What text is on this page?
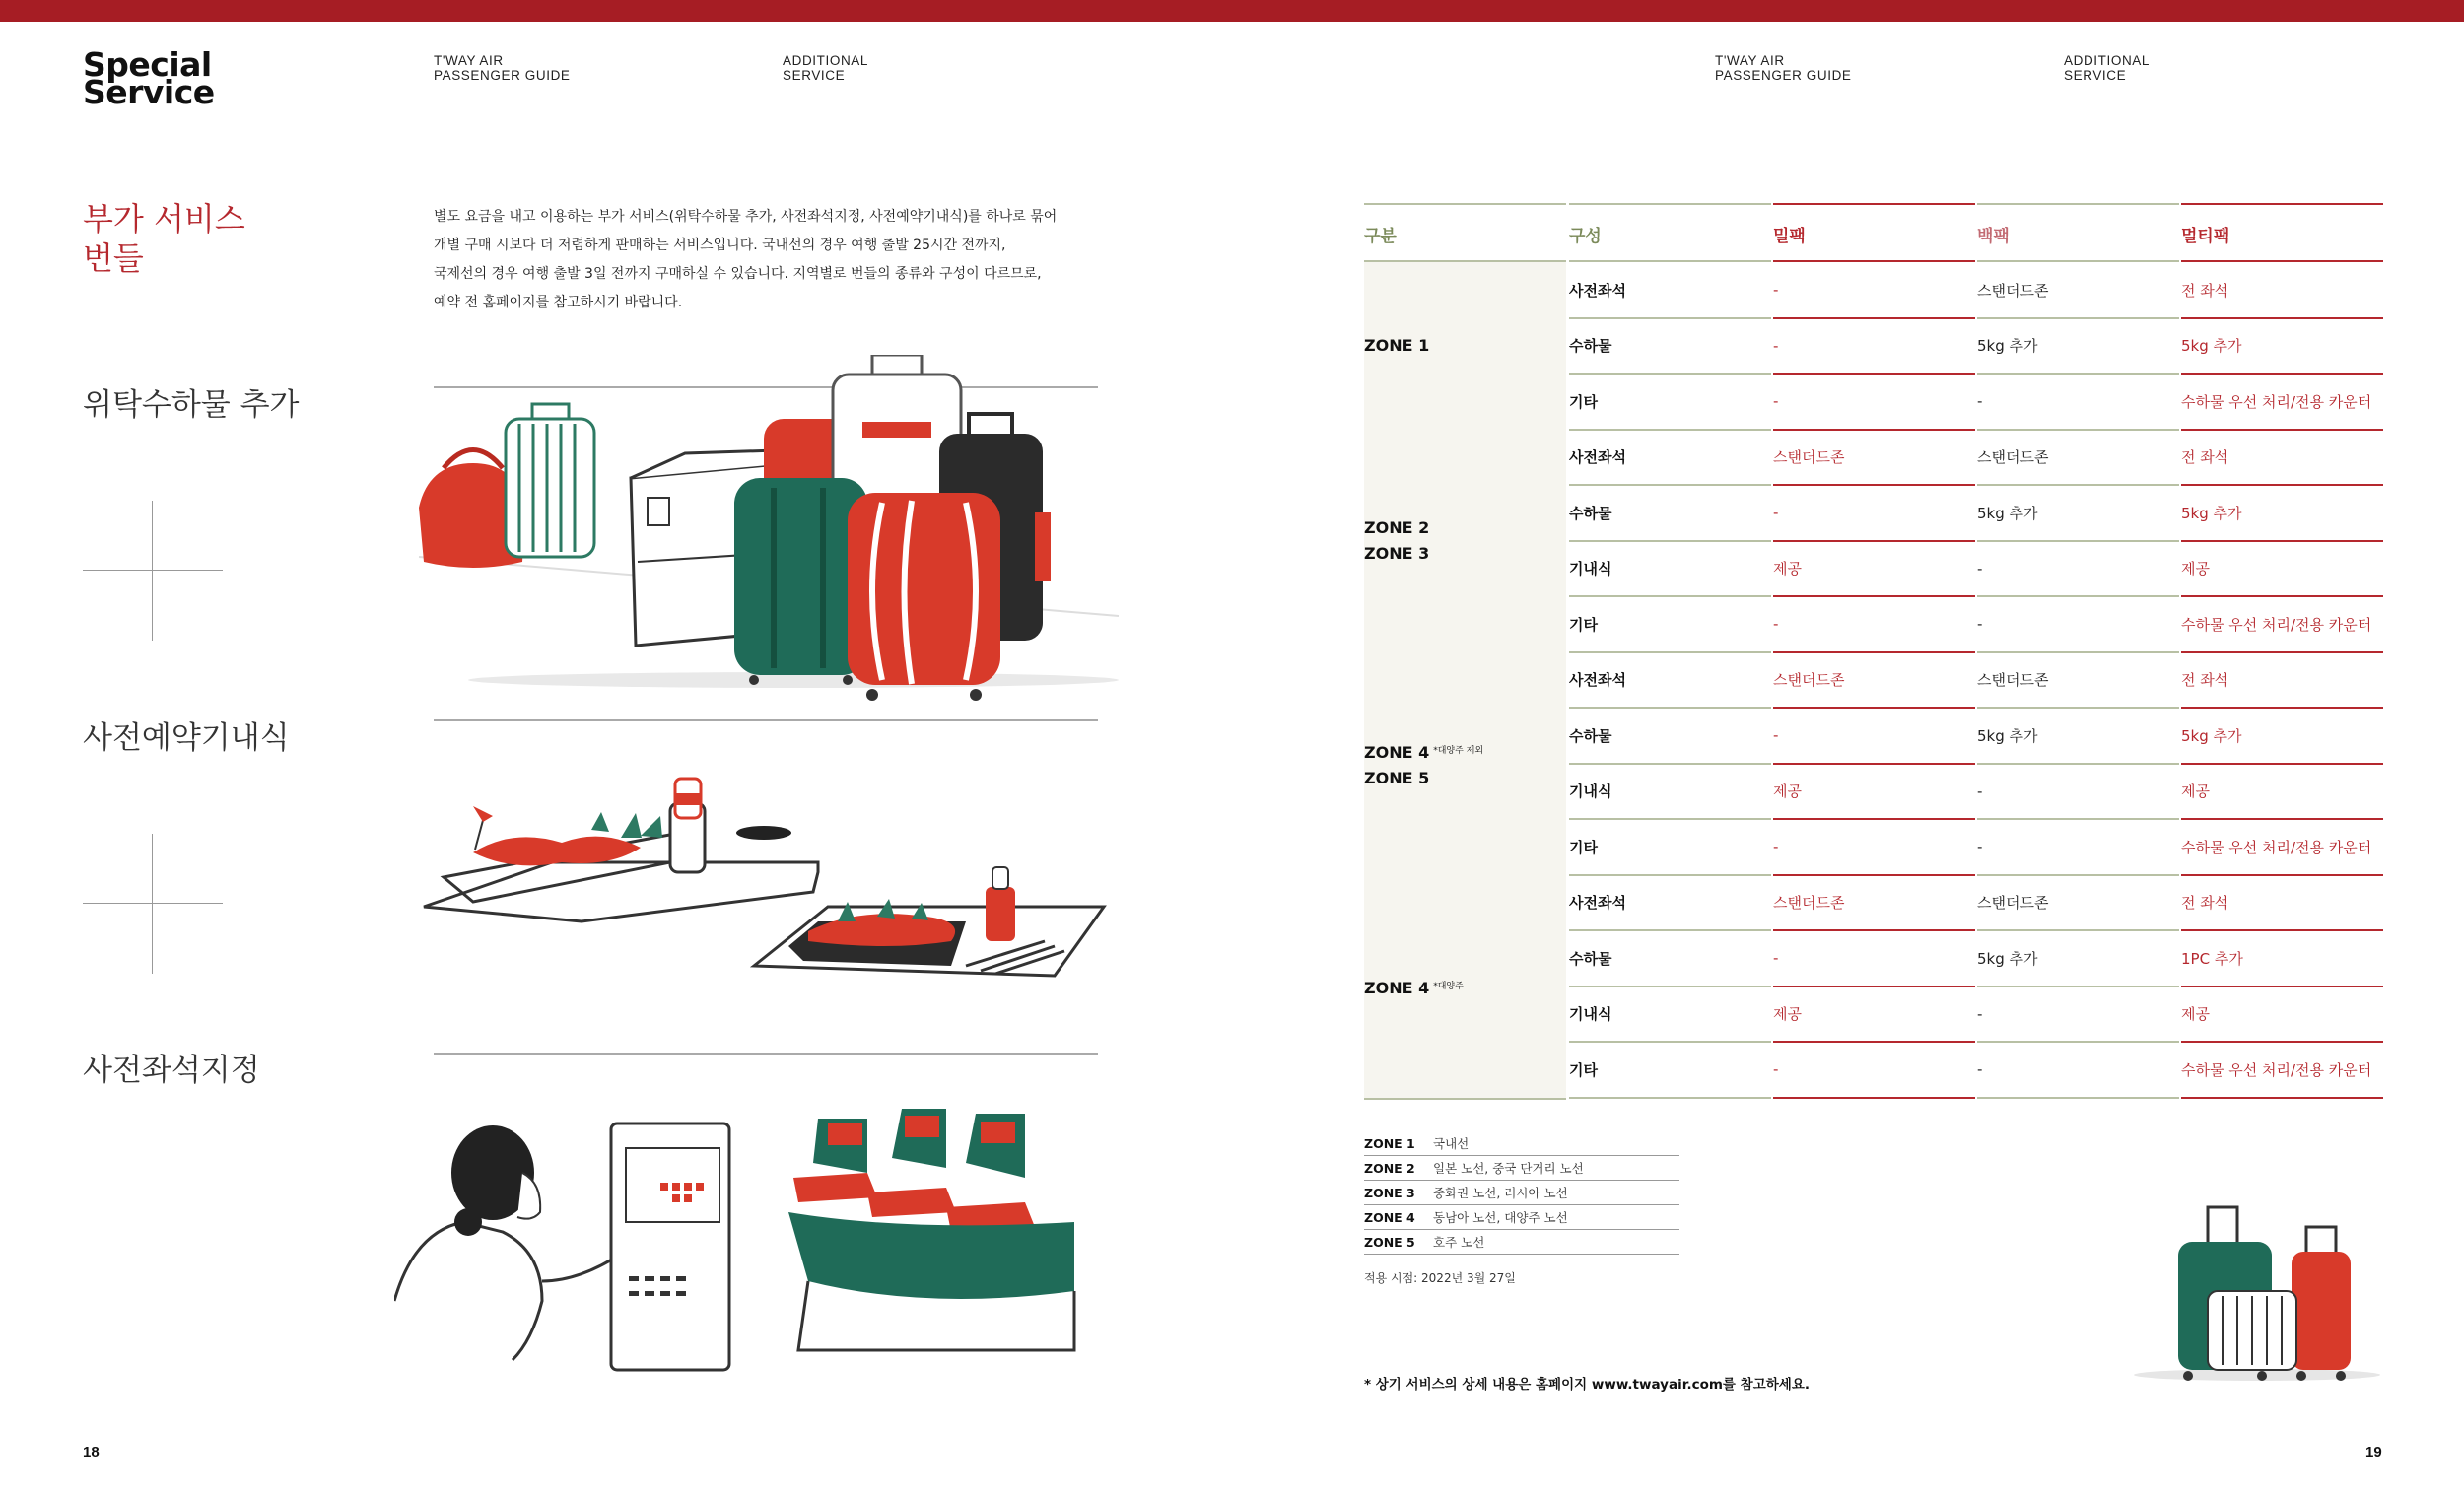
Special
Service
T'WAY AIR
PASSENGER GUIDE
ADDITIONAL
SERVICE
T'WAY AIR
PASSENGER GUIDE
ADDITIONAL
SERVICE
부가 서비스
번들
별도 요금을 내고 이용하는 부가 서비스(위탁수하물 추가, 사전좌석지정, 사전예약기내식)를 하나로 묶어
개별 구매 시보다 더 저렴하게 판매하는 서비스입니다. 국내선의 경우 여행 출발 25시간 전까지,
국제선의 경우 여행 출발 3일 전까지 구매하실 수 있습니다. 지역별로 번들의 종류와 구성이 다르므로,
예약 전 홈페이지를 참고하시기 바랍니다.
위탁수하물 추가
사전예약기내식
사전좌석지정
18
구분	구성	밀팩	백팩	멀티팩
ZONE 1
사전좌석	-	스탠더드존	전 좌석
수하물	-	5kg 추가	5kg 추가
기타	-	-	수하물 우선 처리/전용 카운터
ZONE 2
ZONE 3
사전좌석	스탠더드존	스탠더드존	전 좌석
수하물	-	5kg 추가	5kg 추가
기내식	제공	-	제공
기타	-	-	수하물 우선 처리/전용 카운터
ZONE 4 $^{*대양주 제외}$
ZONE 5
사전좌석	스탠더드존	스탠더드존	전 좌석
수하물	-	5kg 추가	5kg 추가
기내식	제공	-	제공
기타	-	-	수하물 우선 처리/전용 카운터
ZONE 4 $^{*대양주}$
사전좌석	스탠더드존	스탠더드존	전 좌석
수하물	-	5kg 추가	1PC 추가
기내식	제공	-	제공
기타	-	-	수하물 우선 처리/전용 카운터
ZONE 1	국내선
ZONE 2	일본 노선, 중국 단거리 노선
ZONE 3	중화권 노선, 러시아 노선
ZONE 4	동남아 노선, 대양주 노선
ZONE 5	호주 노선
적용 시점: 2022년 3월 27일
* 상기 서비스의 상세 내용은 홈페이지 www.twayair.com를 참고하세요.
19
